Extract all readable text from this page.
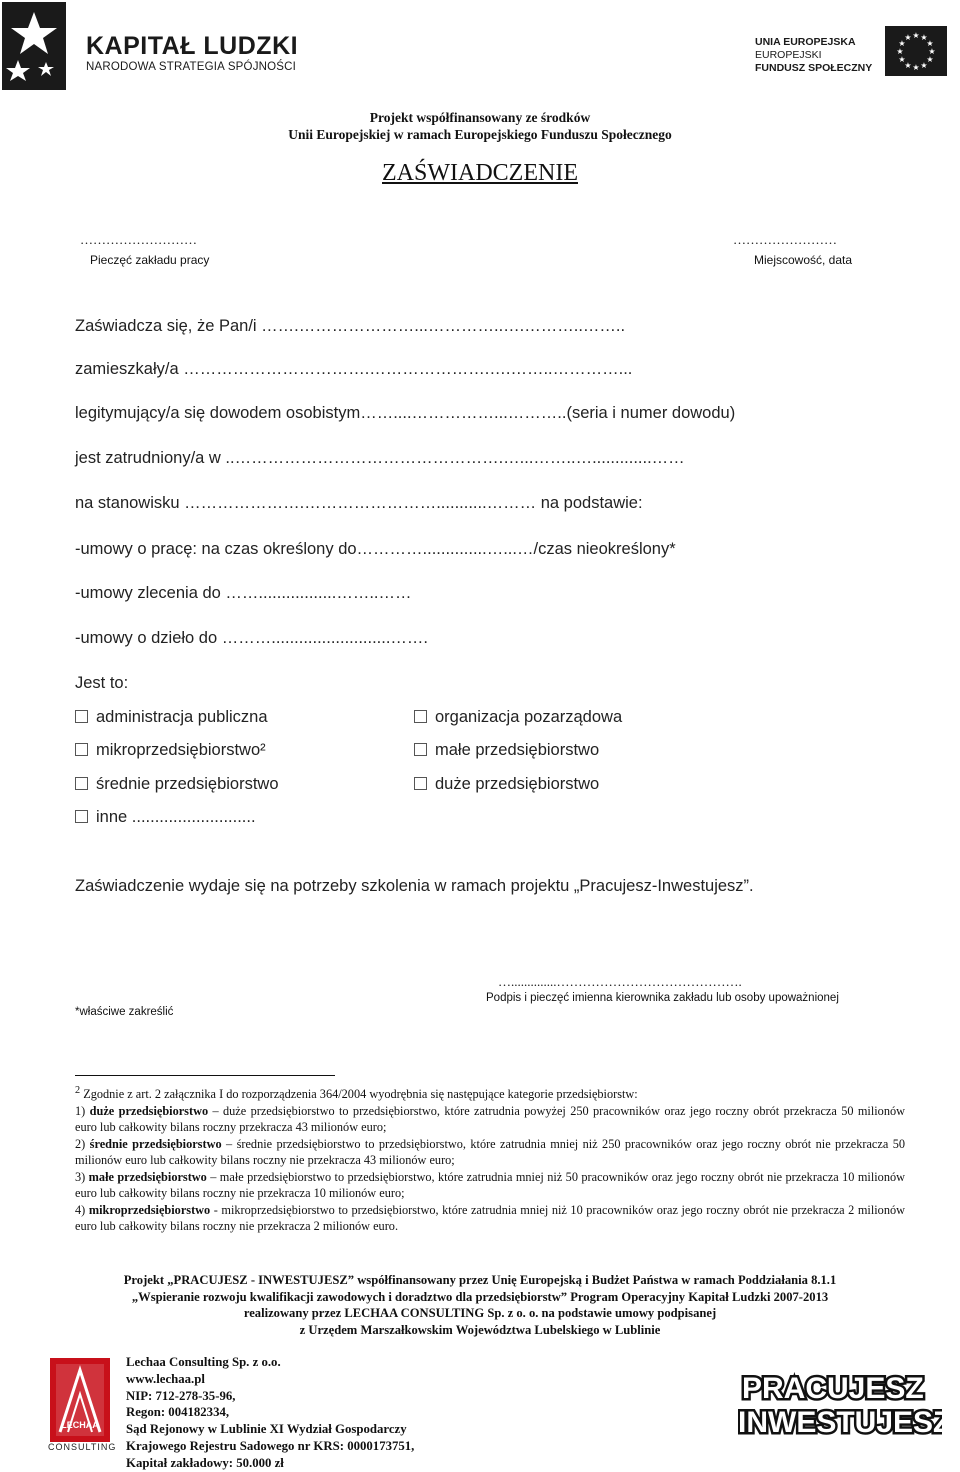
KAPITAŁ LUDZKI
NARODOWA STRATEGIA SPÓJNOŚCI
UNIA EUROPEJSKA
EUROPEJSKI
FUNDUSZ SPOŁECZNY
★ ★
★
★
★
★
★
★
★
★
★
★
Projekt współfinansowany ze środków
Unii Europejskiej w ramach Europejskiego Funduszu Społecznego
ZAŚWIADCZENIE
………………………
Pieczęć zakładu pracy
……………………
Miejscowość, data
Zaświadcza się, że Pan/i …….…………………...…………..….………..……..
zamieszkały/a …………………………….………………….….……..…………...
legitymujący/a się dowodem osobistym……....……………...………..(seria i numer dowodu)
jest zatrudniony/a w ..………………………………………….…...……..….............……
na stanowisku ………………….……………………...........……… na podstawie:
-umowy o pracę: na czas określony do…………..............…...…/czas nieokreślony*
-umowy zlecenia do …….................……..……
-umowy o dzieło do ………..........................…….
Jest to:
administracja publiczna
mikroprzedsiębiorstwo²
średnie przedsiębiorstwo
inne ...........................
organizacja pozarządowa
małe przedsiębiorstwo
duże przedsiębiorstwo
Zaświadczenie wydaje się na potrzeby szkolenia w ramach projektu „Pracujesz-Inwestujesz”.
…..............…………………………………….
Podpis i pieczęć imienna kierownika zakładu lub osoby upoważnionej
*właściwe zakreślić
$^2$ Zgodnie z art. 2 załącznika I do rozporządzenia 364/2004 wyodrębnia się następujące kategorie przedsiębiorstw:
1) duże przedsiębiorstwo – duże przedsiębiorstwo to przedsiębiorstwo, które zatrudnia powyżej 250 pracowników oraz jego roczny obrót przekracza 50 milionów euro lub całkowity bilans roczny przekracza 43 milionów euro;
2) średnie przedsiębiorstwo – średnie przedsiębiorstwo to przedsiębiorstwo, które zatrudnia mniej niż 250 pracowników oraz jego roczny obrót nie przekracza 50 milionów euro lub całkowity bilans roczny nie przekracza 43 milionów euro;
3) małe przedsiębiorstwo – małe przedsiębiorstwo to przedsiębiorstwo, które zatrudnia mniej niż 50 pracowników oraz jego roczny obrót nie przekracza 10 milionów euro lub całkowity bilans roczny nie przekracza 10 milionów euro;
4) mikroprzedsiębiorstwo - mikroprzedsiębiorstwo to przedsiębiorstwo, które zatrudnia mniej niż 10 pracowników oraz jego roczny obrót nie przekracza 2 milionów euro lub całkowity bilans roczny nie przekracza 2 milionów euro.
Projekt „PRACUJESZ - INWESTUJESZ” współfinansowany przez Unię Europejską i Budżet Państwa w ramach Poddziałania 8.1.1
„Wspieranie rozwoju kwalifikacji zawodowych i doradztwo dla przedsiębiorstw” Program Operacyjny Kapitał Ludzki 2007-2013
realizowany przez LECHAA CONSULTING Sp. z o. o. na podstawie umowy podpisanej
z Urzędem Marszałkowskim Województwa Lubelskiego w Lublinie
LECHAA
CONSULTING
Lechaa Consulting Sp. z o.o.
www.lechaa.pl
NIP: 712-278-35-96,
Regon: 004182334,
Sąd Rejonowy w Lublinie XI Wydział Gospodarczy
Krajowego Rejestru Sadowego nr KRS: 0000173751,
Kapitał zakładowy: 50.000 zł
PRACUJESZ
INWESTUJESZ
